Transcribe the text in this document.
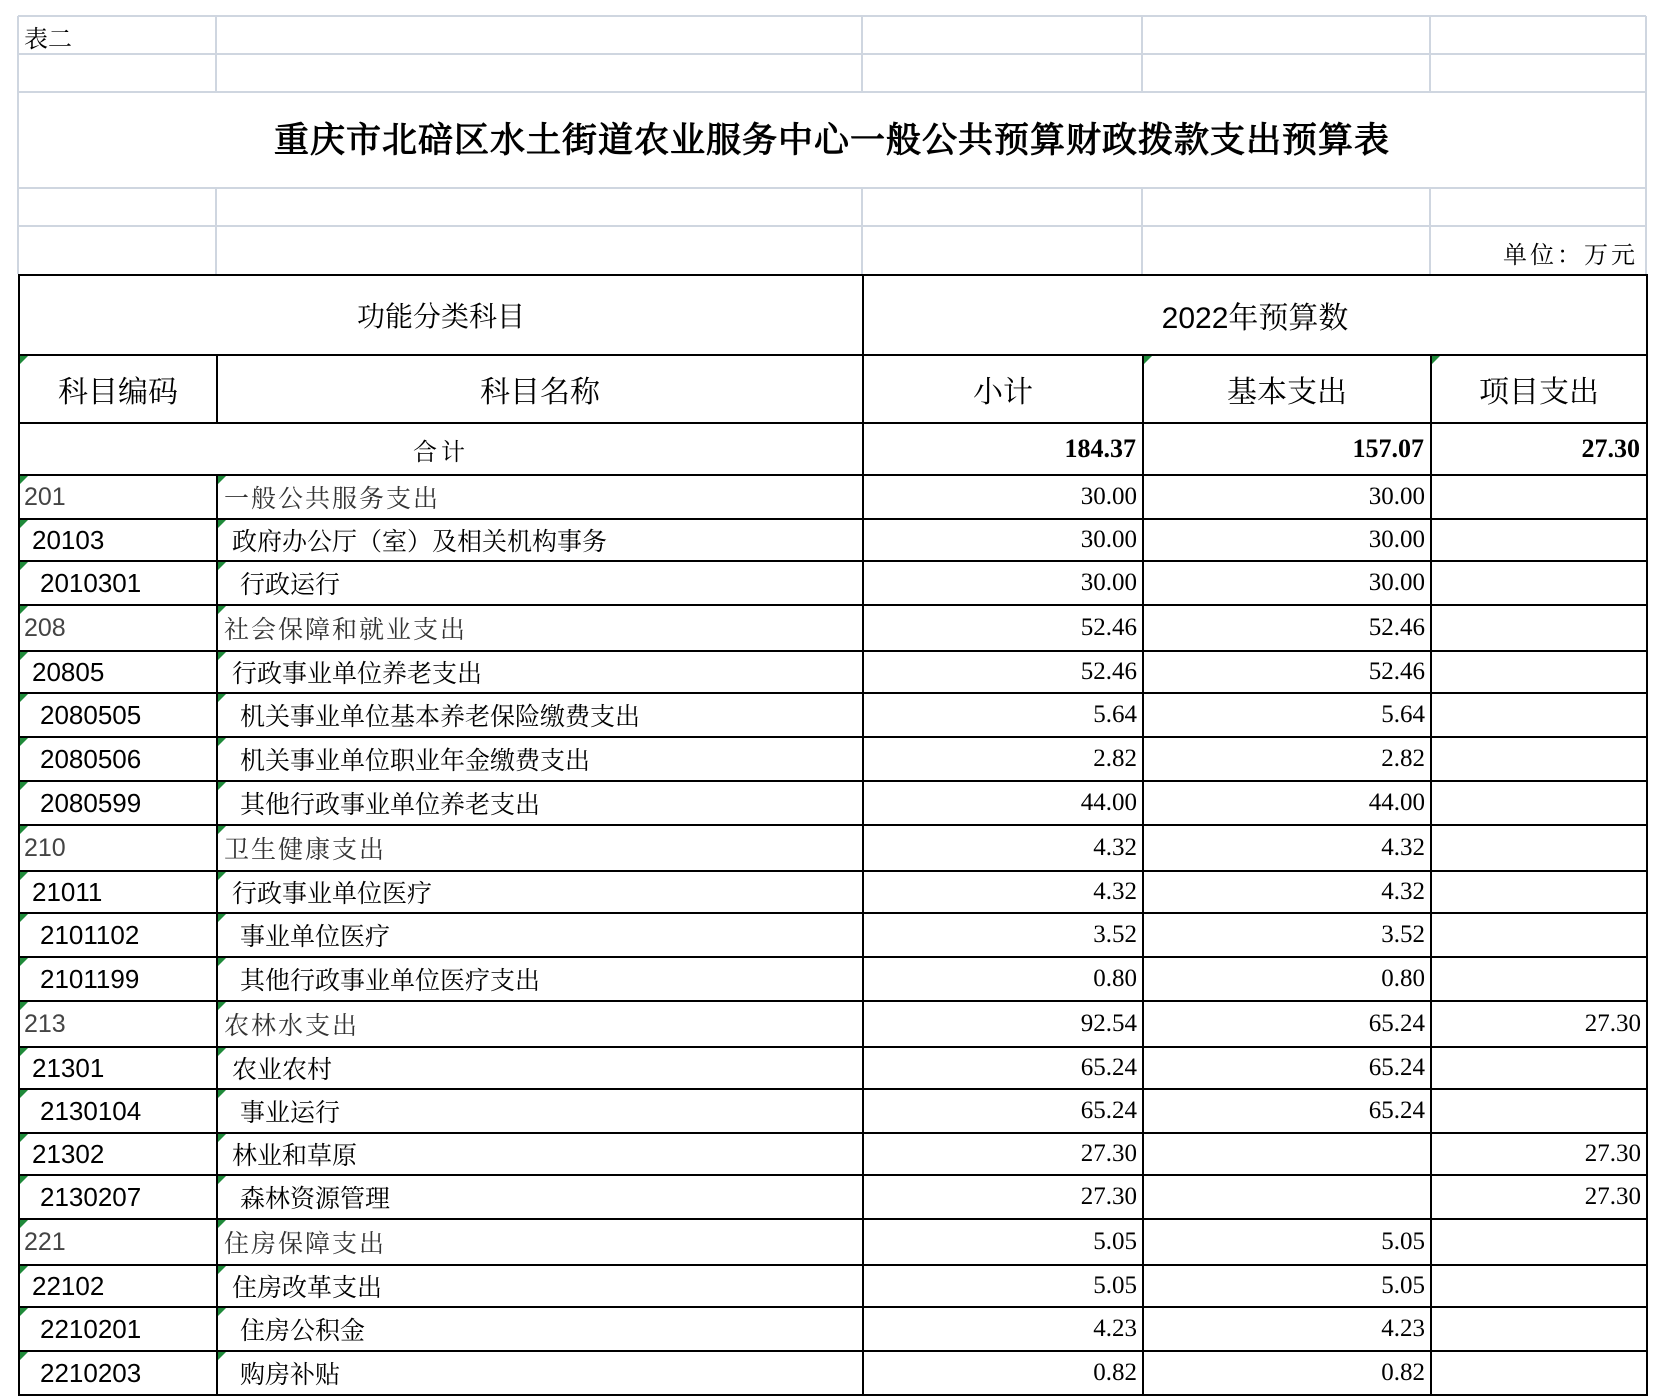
表二
重庆市北碚区水土街道农业服务中心一般公共预算财政拨款支出预算表
单位：万元
功能分类科目		2022年预算数		

科目编码	科目名称	小计	基本支出	项目支出
合计		184.37	157.07	27.30

201	一般公共服务支出	30.00	30.00	

20103	政府办公厅（室）及相关机构事务	30.00	30.00	

2010301	行政运行	30.00	30.00	

208	社会保障和就业支出	52.46	52.46	

20805	行政事业单位养老支出	52.46	52.46	

2080505	机关事业单位基本养老保险缴费支出	5.64	5.64	

2080506	机关事业单位职业年金缴费支出	2.82	2.82	

2080599	其他行政事业单位养老支出	44.00	44.00	

210	卫生健康支出	4.32	4.32	

21011	行政事业单位医疗	4.32	4.32	

2101102	事业单位医疗	3.52	3.52	

2101199	其他行政事业单位医疗支出	0.80	0.80	

213	农林水支出	92.54	65.24	27.30

21301	农业农村	65.24	65.24	

2130104	事业运行	65.24	65.24	

21302	林业和草原	27.30		27.30

2130207	森林资源管理	27.30		27.30

221	住房保障支出	5.05	5.05	

22102	住房改革支出	5.05	5.05	

2210201	住房公积金	4.23	4.23	

2210203	购房补贴	0.82	0.82	
